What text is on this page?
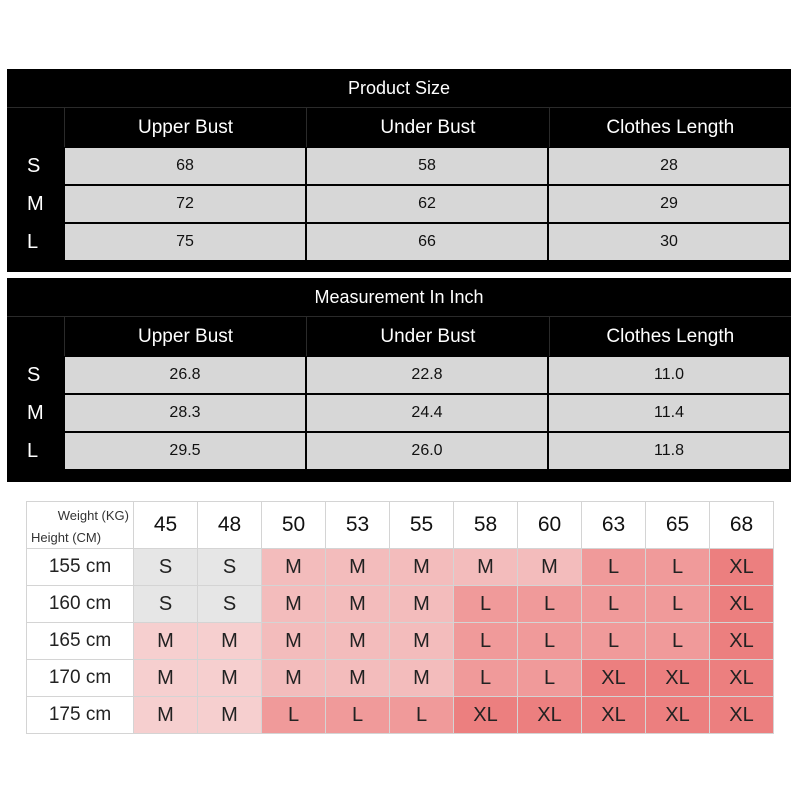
Product Size
Upper Bust	Under Bust	Clothes Length
S	68	58	28
M	72	62	29
L	75	66	30
Measurement In Inch
Upper Bust	Under Bust	Clothes Length
S	26.8	22.8	11.0
M	28.3	24.4	11.4
L	29.5	26.0	11.8
Weight (KG)
Height (CM)	45	48	50	53	55	58	60	63	65	68
155 cm	S	S	M	M	M	M	M	L	L	XL
160 cm	S	S	M	M	M	L	L	L	L	XL
165 cm	M	M	M	M	M	L	L	L	L	XL
170 cm	M	M	M	M	M	L	L	XL	XL	XL
175 cm	M	M	L	L	L	XL	XL	XL	XL	XL
